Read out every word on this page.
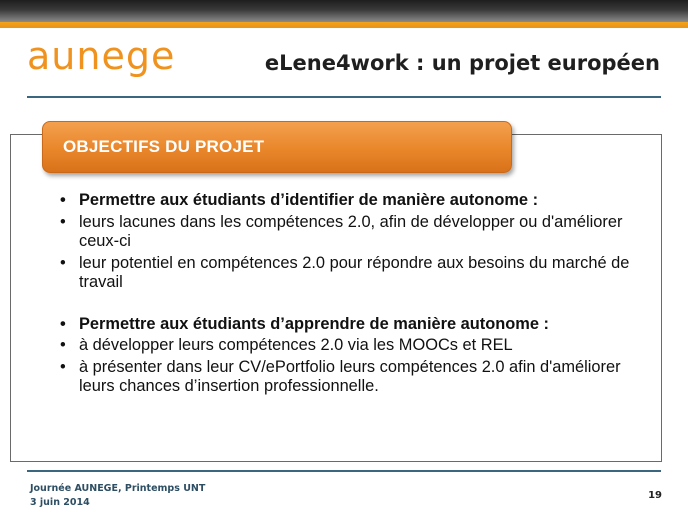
aunege	eLene4work : un projet européen
OBJECTIFS DU PROJET
• Permettre aux étudiants d’identifier de manière autonome :
• leurs lacunes dans les compétences 2.0, afin de développer ou d'améliorer ceux-ci
• leur potentiel en compétences 2.0 pour répondre aux besoins du marché de travail
• Permettre aux étudiants d’apprendre de manière autonome :
• à développer leurs compétences 2.0 via les MOOCs et REL
• à présenter dans leur CV/ePortfolio leurs compétences 2.0 afin d'améliorer leurs chances d’insertion professionnelle.
Journée AUNEGE, Printemps UNT
3 juin 2014
19
